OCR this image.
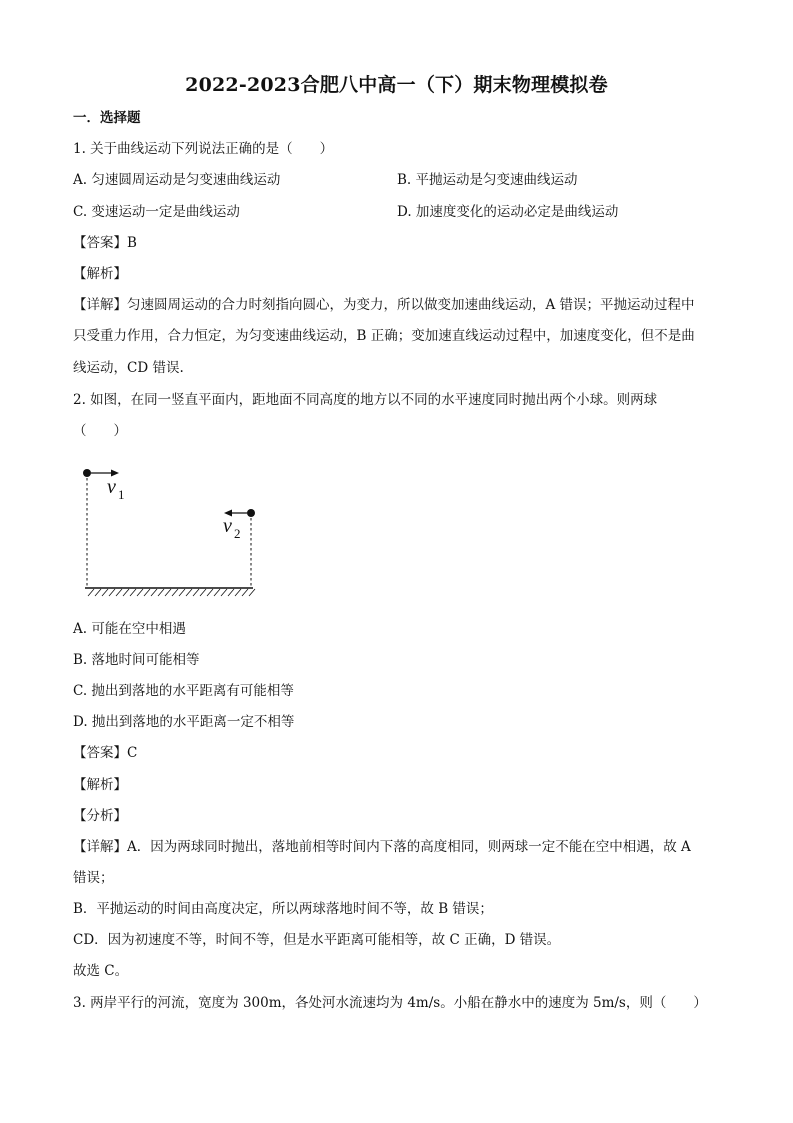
2022-2023合肥八中高一（下）期末物理模拟卷
一．选择题
1. 关于曲线运动下列说法正确的是（　　）
A. 匀速圆周运动是匀变速曲线运动	B. 平抛运动是匀变速曲线运动
C. 变速运动一定是曲线运动	D. 加速度变化的运动必定是曲线运动
【答案】B
【解析】
【详解】匀速圆周运动的合力时刻指向圆心，为变力，所以做变加速曲线运动，A 错误；平抛运动过程中
只受重力作用，合力恒定，为匀变速曲线运动，B 正确；变加速直线运动过程中，加速度变化，但不是曲
线运动，CD 错误.
2. 如图，在同一竖直平面内，距地面不同高度的地方以不同的水平速度同时抛出两个小球。则两球
（　　）
v 1
v 2
A. 可能在空中相遇
B. 落地时间可能相等
C. 抛出到落地的水平距离有可能相等
D. 抛出到落地的水平距离一定不相等
【答案】C
【解析】
【分析】
【详解】A．因为两球同时抛出，落地前相等时间内下落的高度相同，则两球一定不能在空中相遇，故 A
错误；
B．平抛运动的时间由高度决定，所以两球落地时间不等，故 B 错误；
CD．因为初速度不等，时间不等，但是水平距离可能相等，故 C 正确，D 错误。
故选 C。
3. 两岸平行的河流，宽度为 300m，各处河水流速均为 4m/s。小船在静水中的速度为 5m/s，则（　　）
